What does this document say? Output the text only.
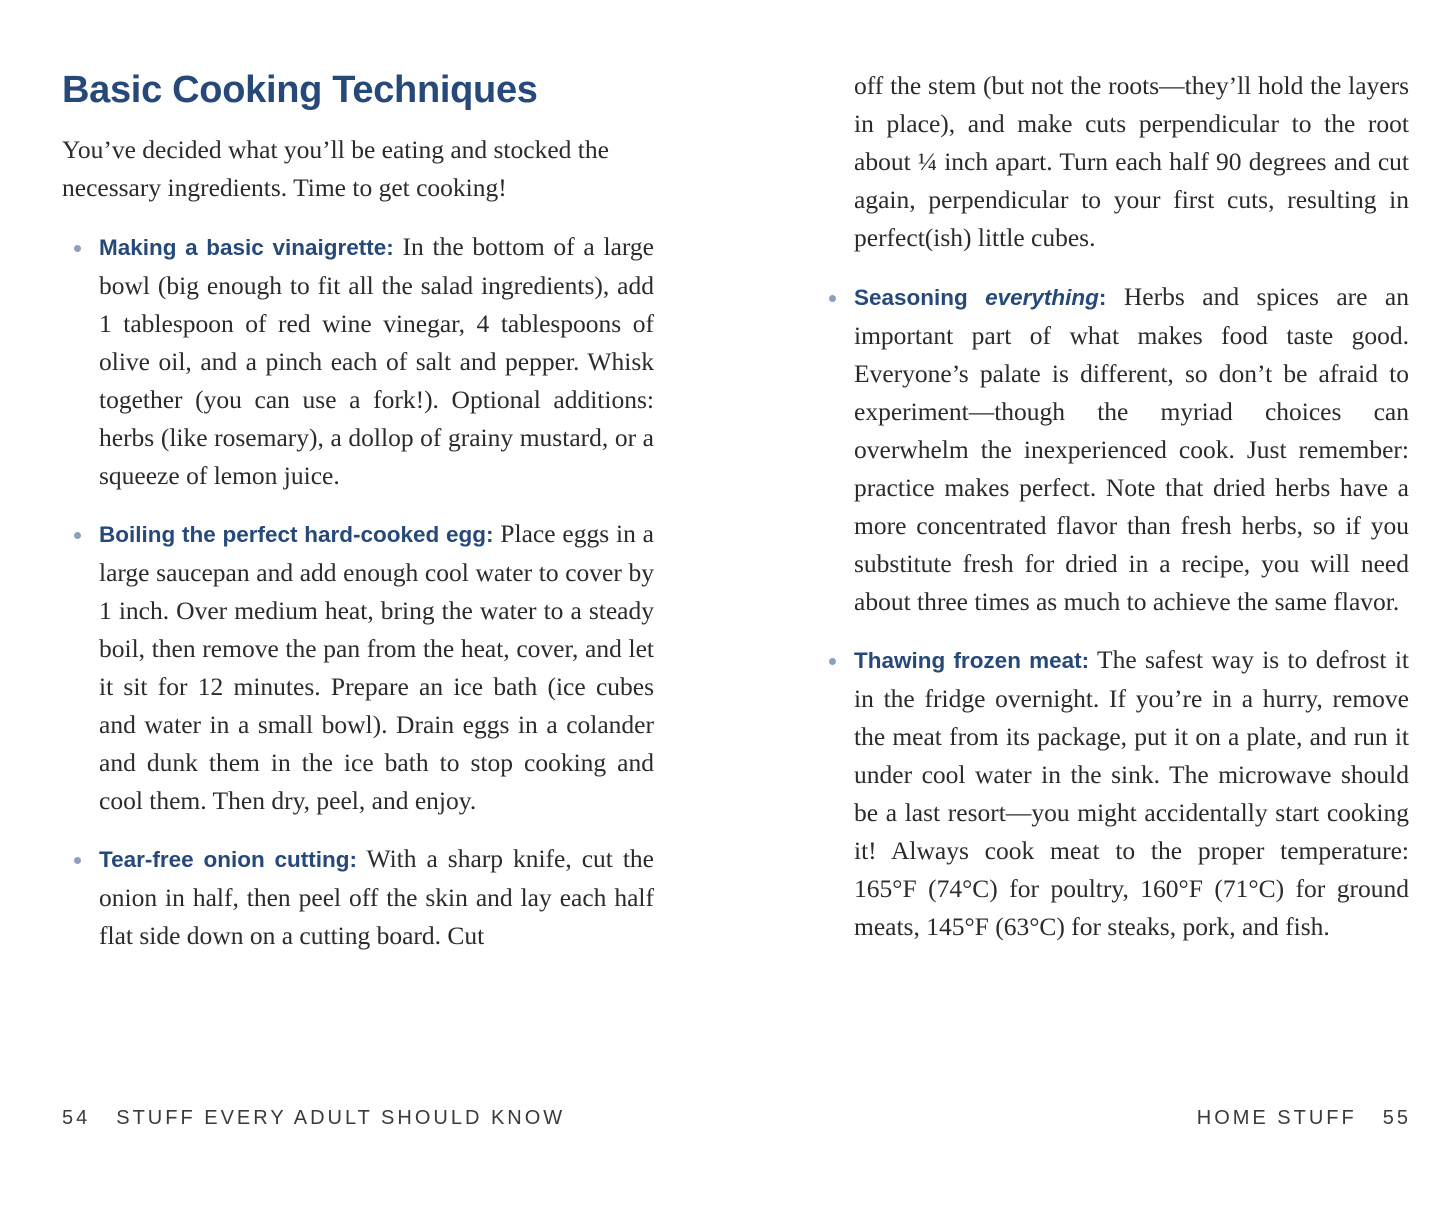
Basic Cooking Techniques

You’ve decided what you’ll be eating and stocked the necessary ingredients. Time to get cooking!

Making a basic vinaigrette: In the bottom of a large bowl (big enough to fit all the salad ingredients), add 1 tablespoon of red wine vinegar, 4 tablespoons of olive oil, and a pinch each of salt and pepper. Whisk together (you can use a fork!). Optional additions: herbs (like rosemary), a dollop of grainy mustard, or a squeeze of lemon juice.
Boiling the perfect hard-cooked egg: Place eggs in a large saucepan and add enough cool water to cover by 1 inch. Over medium heat, bring the water to a steady boil, then remove the pan from the heat, cover, and let it sit for 12 minutes. Prepare an ice bath (ice cubes and water in a small bowl). Drain eggs in a colander and dunk them in the ice bath to stop cooking and cool them. Then dry, peel, and enjoy.
Tear-free onion cutting: With a sharp knife, cut the onion in half, then peel off the skin and lay each half flat side down on a cutting board. Cut

off the stem (but not the roots—they’ll hold the layers in place), and make cuts perpendicular to the root about ¼ inch apart. Turn each half 90 degrees and cut again, perpendicular to your first cuts, resulting in perfect(ish) little cubes.

Seasoning everything: Herbs and spices are an important part of what makes food taste good. Everyone’s palate is different, so don’t be afraid to experiment—though the myriad choices can overwhelm the inexperienced cook. Just remember: practice makes perfect. Note that dried herbs have a more concentrated flavor than fresh herbs, so if you substitute fresh for dried in a recipe, you will need about three times as much to achieve the same flavor.
Thawing frozen meat: The safest way is to defrost it in the fridge overnight. If you’re in a hurry, remove the meat from its package, put it on a plate, and run it under cool water in the sink. The microwave should be a last resort—you might accidentally start cooking it! Always cook meat to the proper temperature: 165°F (74°C) for poultry, 160°F (71°C) for ground meats, 145°F (63°C) for steaks, pork, and fish.
54 STUFF EVERY ADULT SHOULD KNOW	HOME STUFF 55
